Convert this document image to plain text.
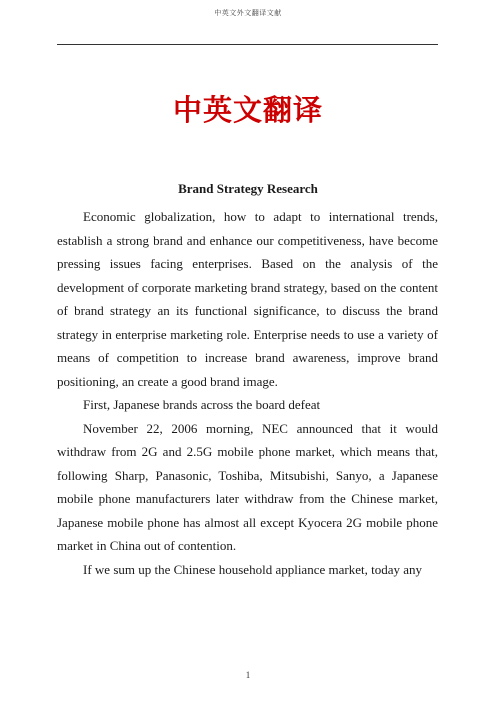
中英文外文翻译文献
中英文翻译
Brand Strategy Research

Economic globalization, how to adapt to international trends, establish a strong brand and enhance our competitiveness, have become pressing issues facing enterprises. Based on the analysis of the development of corporate marketing brand strategy, based on the content of brand strategy an its functional significance, to discuss the brand strategy in enterprise marketing role. Enterprise needs to use a variety of means of competition to increase brand awareness, improve brand positioning, an create a good brand image.

First, Japanese brands across the board defeat

November 22, 2006 morning, NEC announced that it would withdraw from 2G and 2.5G mobile phone market, which means that, following Sharp, Panasonic, Toshiba, Mitsubishi, Sanyo, a Japanese mobile phone manufacturers later withdraw from the Chinese market, Japanese mobile phone has almost all except Kyocera 2G mobile phone market in China out of contention.

If we sum up the Chinese household appliance market, today any

1
